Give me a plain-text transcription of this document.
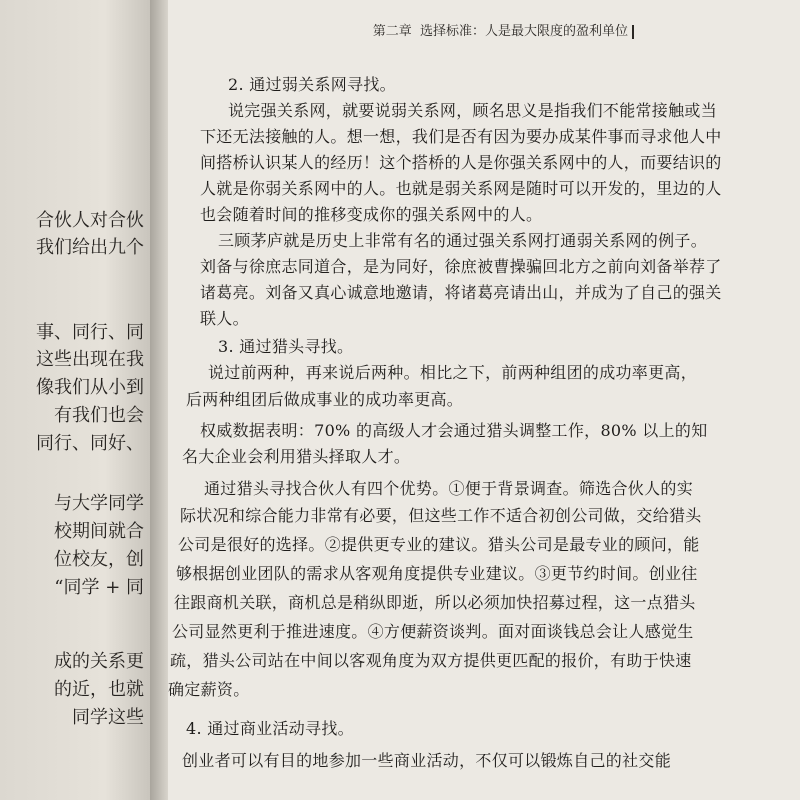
合伙人对合伙
我们给出九个
事、同行、同
这些出现在我
像我们从小到
有我们也会
同行、同好、
与大学同学
校期间就合
位校友，创
“同学 + 同
成的关系更
的近，也就
同学这些
第二章 选择标准：人是最大限度的盈利单位
2. 通过弱关系网寻找。
说完强关系网，就要说弱关系网，顾名思义是指我们不能常接触或当
下还无法接触的人。想一想，我们是否有因为要办成某件事而寻求他人中
间搭桥认识某人的经历！这个搭桥的人是你强关系网中的人，而要结识的
人就是你弱关系网中的人。也就是弱关系网是随时可以开发的，里边的人
也会随着时间的推移变成你的强关系网中的人。
三顾茅庐就是历史上非常有名的通过强关系网打通弱关系网的例子。
刘备与徐庶志同道合，是为同好，徐庶被曹操骗回北方之前向刘备举荐了
诸葛亮。刘备又真心诚意地邀请，将诸葛亮请出山，并成为了自己的强关
联人。
3. 通过猎头寻找。
说过前两种，再来说后两种。相比之下，前两种组团的成功率更高，
后两种组团后做成事业的成功率更高。
权威数据表明：70% 的高级人才会通过猎头调整工作，80% 以上的知
名大企业会利用猎头择取人才。
通过猎头寻找合伙人有四个优势。①便于背景调查。筛选合伙人的实
际状况和综合能力非常有必要，但这些工作不适合初创公司做，交给猎头
公司是很好的选择。②提供更专业的建议。猎头公司是最专业的顾问，能
够根据创业团队的需求从客观角度提供专业建议。③更节约时间。创业往
往跟商机关联，商机总是稍纵即逝，所以必须加快招募过程，这一点猎头
公司显然更利于推进速度。④方便薪资谈判。面对面谈钱总会让人感觉生
疏，猎头公司站在中间以客观角度为双方提供更匹配的报价，有助于快速
确定薪资。
4. 通过商业活动寻找。
创业者可以有目的地参加一些商业活动，不仅可以锻炼自己的社交能
